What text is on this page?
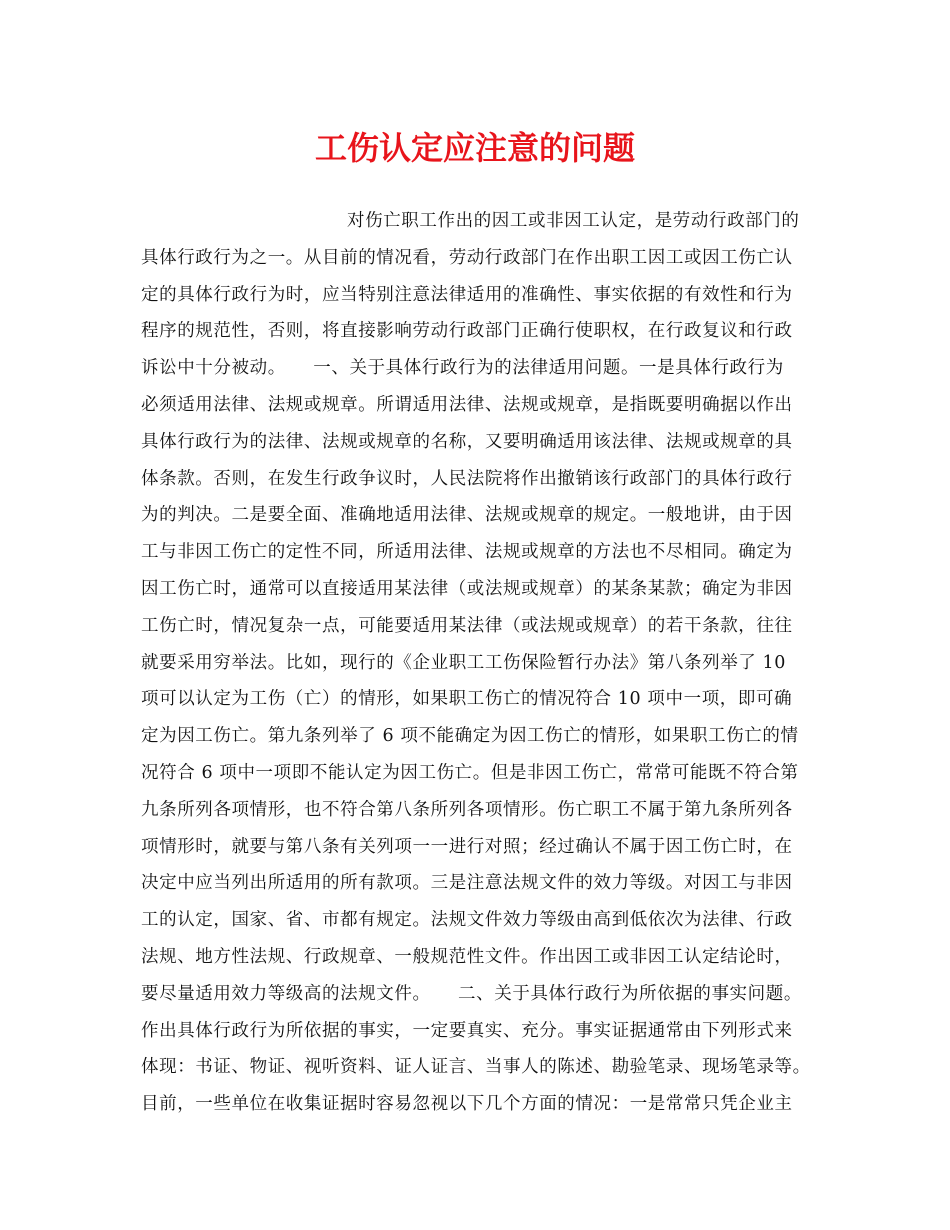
工伤认定应注意的问题
对伤亡职工作出的因工或非因工认定，是劳动行政部门的
具体行政行为之一。从目前的情况看，劳动行政部门在作出职工因工或因工伤亡认
定的具体行政行为时，应当特别注意法律适用的准确性、事实依据的有效性和行为
程序的规范性，否则，将直接影响劳动行政部门正确行使职权，在行政复议和行政
诉讼中十分被动。　　一、关于具体行政行为的法律适用问题。一是具体行政行为
必须适用法律、法规或规章。所谓适用法律、法规或规章，是指既要明确据以作出
具体行政行为的法律、法规或规章的名称，又要明确适用该法律、法规或规章的具
体条款。否则，在发生行政争议时，人民法院将作出撤销该行政部门的具体行政行
为的判决。二是要全面、准确地适用法律、法规或规章的规定。一般地讲，由于因
工与非因工伤亡的定性不同，所适用法律、法规或规章的方法也不尽相同。确定为
因工伤亡时，通常可以直接适用某法律（或法规或规章）的某条某款；确定为非因
工伤亡时，情况复杂一点，可能要适用某法律（或法规或规章）的若干条款，往往
就要采用穷举法。比如，现行的《企业职工工伤保险暂行办法》第八条列举了 10
项可以认定为工伤（亡）的情形，如果职工伤亡的情况符合 10 项中一项，即可确
定为因工伤亡。第九条列举了 6 项不能确定为因工伤亡的情形，如果职工伤亡的情
况符合 6 项中一项即不能认定为因工伤亡。但是非因工伤亡，常常可能既不符合第
九条所列各项情形，也不符合第八条所列各项情形。伤亡职工不属于第九条所列各
项情形时，就要与第八条有关列项一一进行对照；经过确认不属于因工伤亡时，在
决定中应当列出所适用的所有款项。三是注意法规文件的效力等级。对因工与非因
工的认定，国家、省、市都有规定。法规文件效力等级由高到低依次为法律、行政
法规、地方性法规、行政规章、一般规范性文件。作出因工或非因工认定结论时，
要尽量适用效力等级高的法规文件。　　二、关于具体行政行为所依据的事实问题。
作出具体行政行为所依据的事实，一定要真实、充分。事实证据通常由下列形式来
体现：书证、物证、视听资料、证人证言、当事人的陈述、勘验笔录、现场笔录等。
目前，一些单位在收集证据时容易忽视以下几个方面的情况：一是常常只凭企业主
